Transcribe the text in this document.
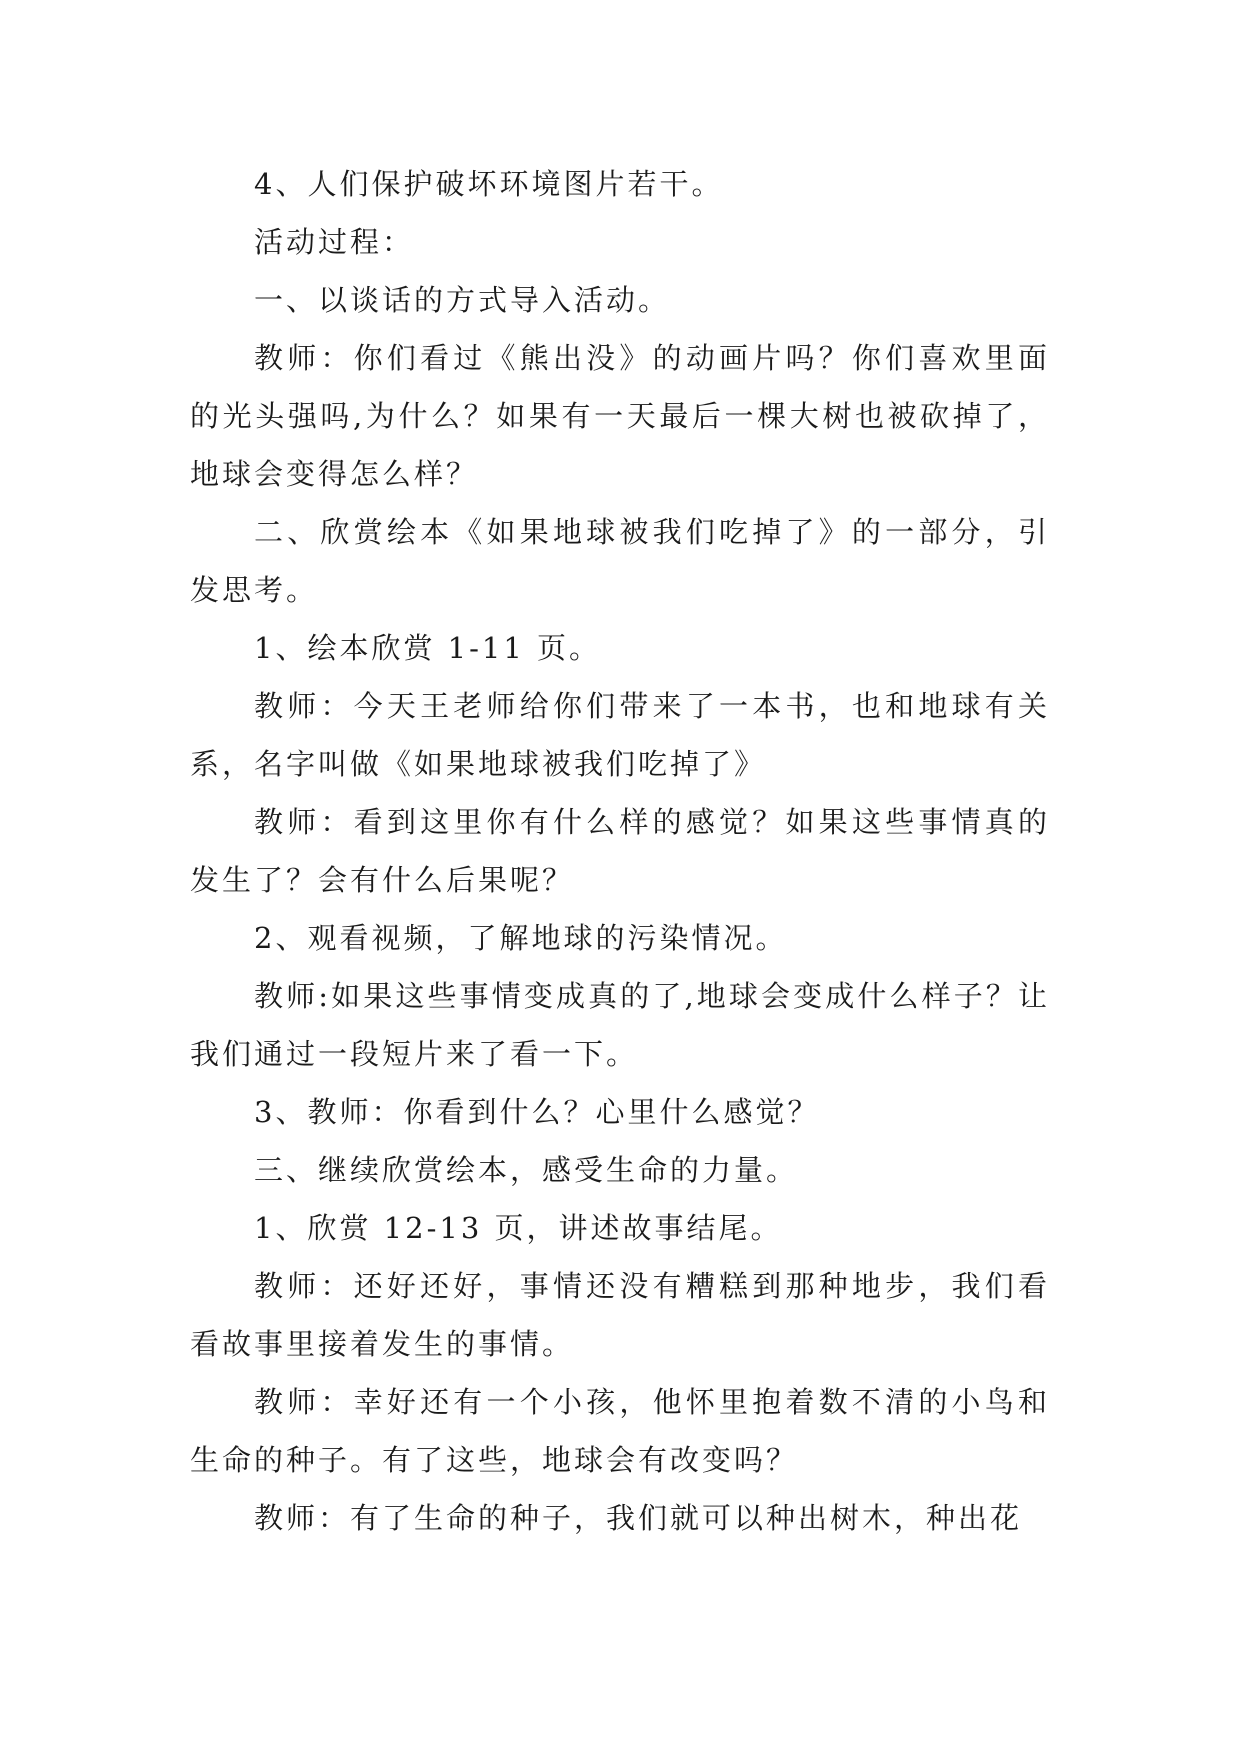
4、人们保护破坏环境图片若干。

活动过程：

一、以谈话的方式导入活动。

教师：你们看过《熊出没》的动画片吗？你们喜欢里面的光头强吗,为什么？如果有一天最后一棵大树也被砍掉了，地球会变得怎么样？

二、欣赏绘本《如果地球被我们吃掉了》的一部分，引发思考。

1、绘本欣赏 1-11 页。

教师：今天王老师给你们带来了一本书，也和地球有关系，名字叫做《如果地球被我们吃掉了》

教师：看到这里你有什么样的感觉？如果这些事情真的发生了？会有什么后果呢？

2、观看视频，了解地球的污染情况。

教师:如果这些事情变成真的了,地球会变成什么样子？让我们通过一段短片来了看一下。

3、教师：你看到什么？心里什么感觉？

三、继续欣赏绘本，感受生命的力量。

1、欣赏 12-13 页，讲述故事结尾。

教师：还好还好，事情还没有糟糕到那种地步，我们看看故事里接着发生的事情。

教师：幸好还有一个小孩，他怀里抱着数不清的小鸟和生命的种子。有了这些，地球会有改变吗？

教师：有了生命的种子，我们就可以种出树木，种出花
